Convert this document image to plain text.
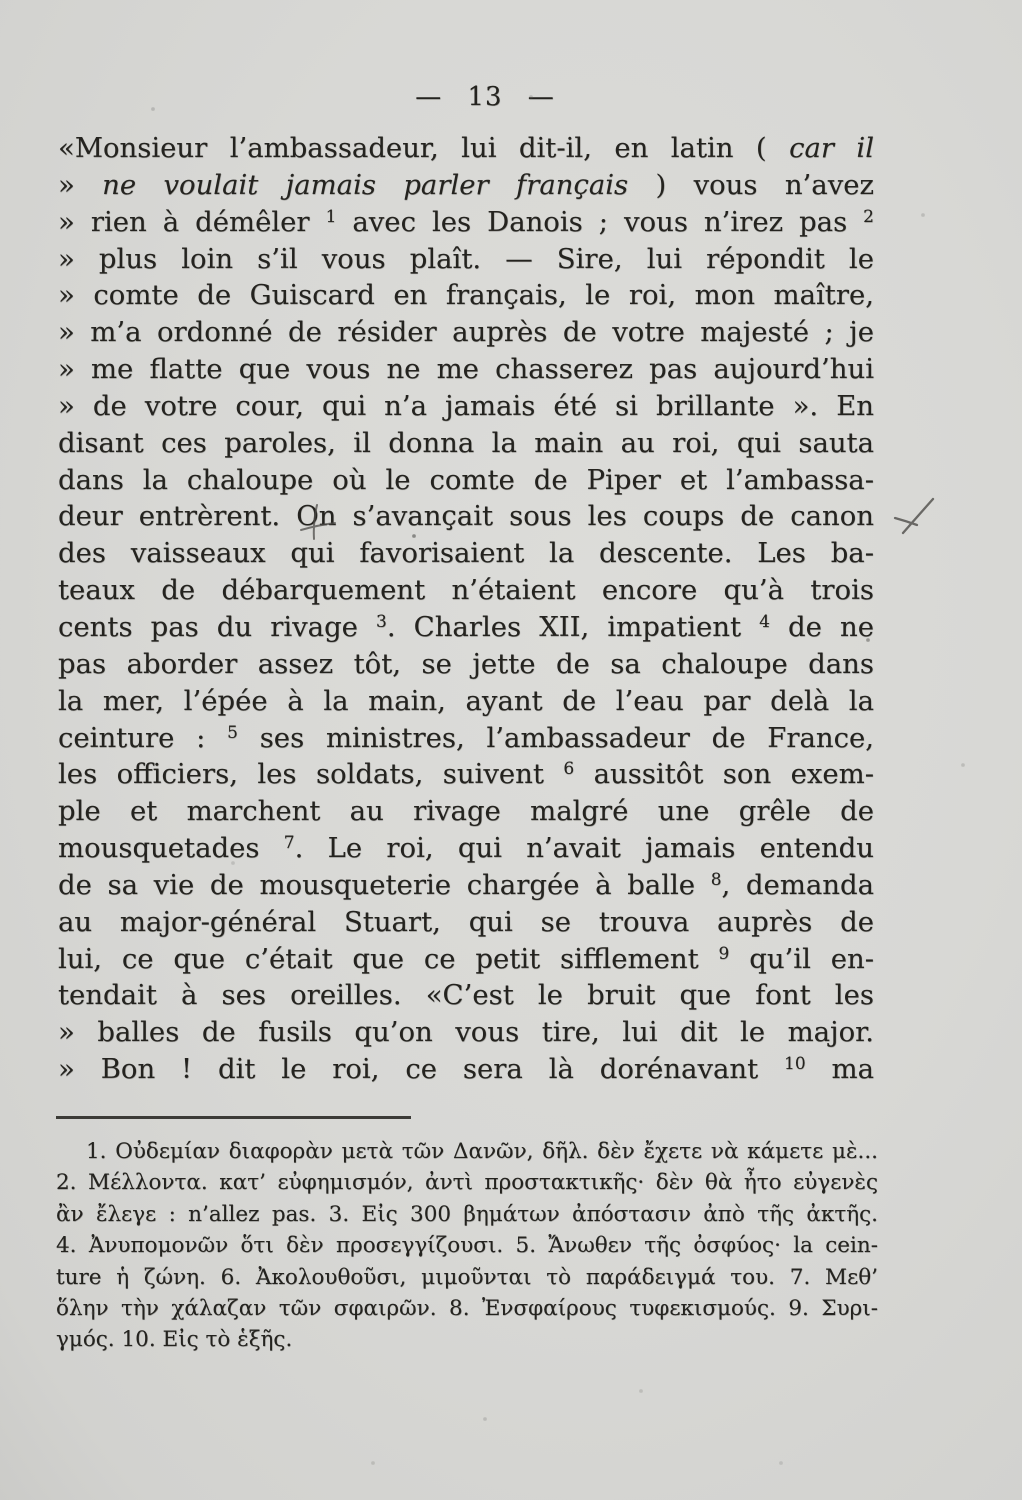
— 13 —
«Monsieur l’ambassadeur, lui dit-il, en latin ( car il
» ne voulait jamais parler français ) vous n’avez
» rien à démêler $^1$ avec les Danois ; vous n’irez pas $^2$
» plus loin s’il vous plaît. — Sire, lui répondit le
» comte de Guiscard en français, le roi, mon maître,
» m’a ordonné de résider auprès de votre majesté ; je
» me flatte que vous ne me chasserez pas aujourd’hui
» de votre cour, qui n’a jamais été si brillante ». En
disant ces paroles, il donna la main au roi, qui sauta
dans la chaloupe où le comte de Piper et l’ambassa-
deur entrèrent. On s’avançait sous les coups de canon
des vaisseaux qui favorisaient la descente. Les ba-
teaux de débarquement n’étaient encore qu’à trois
cents pas du rivage $^3$. Charles XII, impatient $^4$ de ne
pas aborder assez tôt, se jette de sa chaloupe dans
la mer, l’épée à la main, ayant de l’eau par delà la
ceinture : $^5$ ses ministres, l’ambassadeur de France,
les officiers, les soldats, suivent $^6$ aussitôt son exem-
ple et marchent au rivage malgré une grêle de
mousquetades $^7$. Le roi, qui n’avait jamais entendu
de sa vie de mousqueterie chargée à balle $^8$, demanda
au major-général Stuart, qui se trouva auprès de
lui, ce que c’était que ce petit sifflement $^9$ qu’il en-
tendait à ses oreilles. «C’est le bruit que font les
» balles de fusils qu’on vous tire, lui dit le major.
» Bon ! dit le roi, ce sera là dorénavant $^{10}$ ma
1. Οὐδεμίαν διαφορὰν μετὰ τῶν Δανῶν, δῆλ. δὲν ἔχετε νὰ κάμετε μὲ...
2. Μέλλοντα. κατ’ εὐφημισμόν, ἀντὶ προστακτικῆς· δὲν θὰ ἦτο εὐγενὲς
ἂν ἔλεγε : n’allez pas. 3. Εἰς 300 βημάτων ἀπόστασιν ἀπὸ τῆς ἀκτῆς.
4. Ἀνυπομονῶν ὅτι δὲν προσεγγίζουσι. 5. Ἄνωθεν τῆς ὀσφύος· la cein-
ture ἡ ζώνη. 6. Ἀκολουθοῦσι, μιμοῦνται τὸ παράδειγμά του. 7. Μεθ’
ὅλην τὴν χάλαζαν τῶν σφαιρῶν. 8. Ἐνσφαίρους τυφεκισμούς. 9. Συρι-
γμός. 10. Εἰς τὸ ἑξῆς.
